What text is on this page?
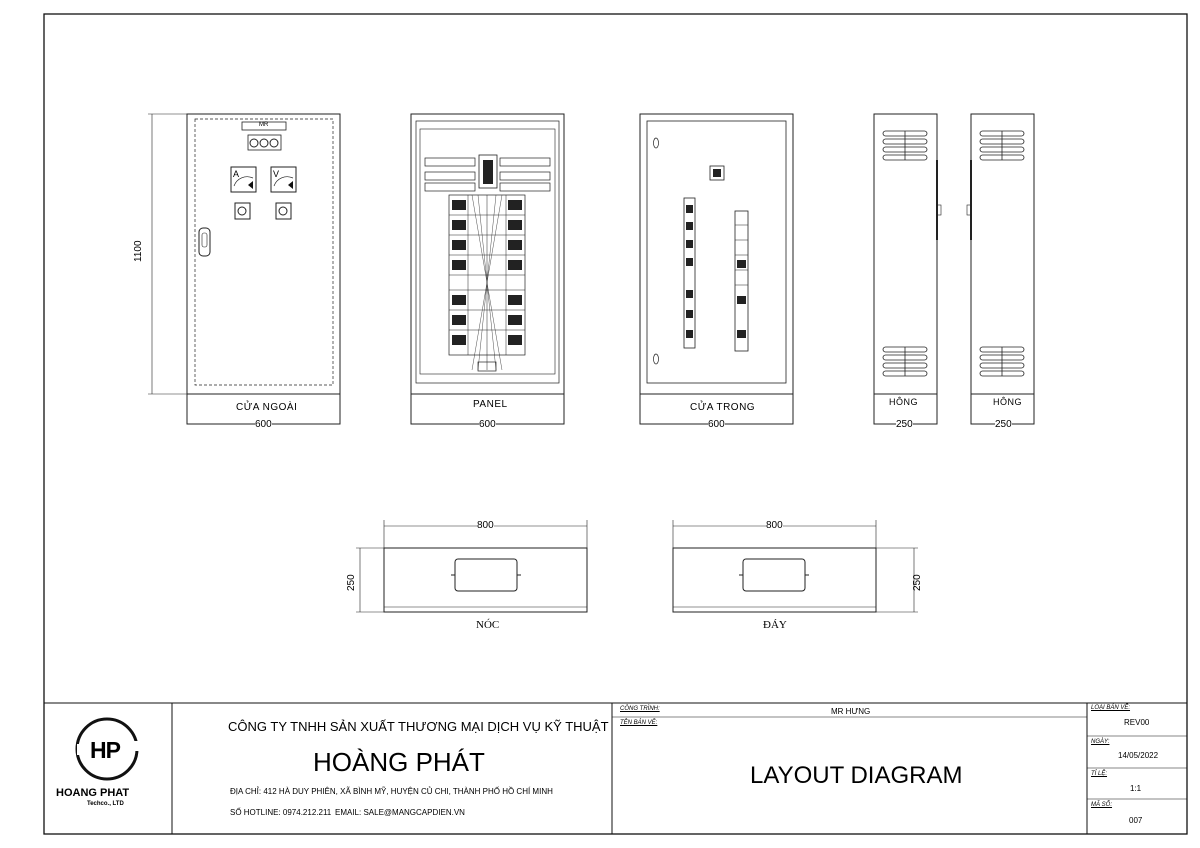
MR
A	V
CỬA NGOÀI
600
1100
PANEL
600
CỬA TRONG
600
HÔNG
250
HÔNG
250
800
250
NÓC
800
250
ĐÁY
HP
HOANG PHAT
Techco., LTD
CÔNG TY TNHH SẢN XUẤT THƯƠNG MẠI DỊCH VỤ KỸ THUẬT
HOÀNG PHÁT
ĐỊA CHỈ: 412 HÀ DUY PHIÊN, XÃ BÌNH MỸ, HUYỆN CỦ CHI, THÀNH PHỐ HỒ CHÍ MINH
SỐ HOTLINE: 0974.212.211 EMAIL: SALE@MANGCAPDIEN.VN
CÔNG TRÌNH:	MR HƯNG
TÊN BẢN VẼ:
LAYOUT DIAGRAM
LOẠI BẢN VẼ:
REV00
NGÀY:
14/05/2022
TỈ LỆ:
1:1
MÃ SỐ:
007
